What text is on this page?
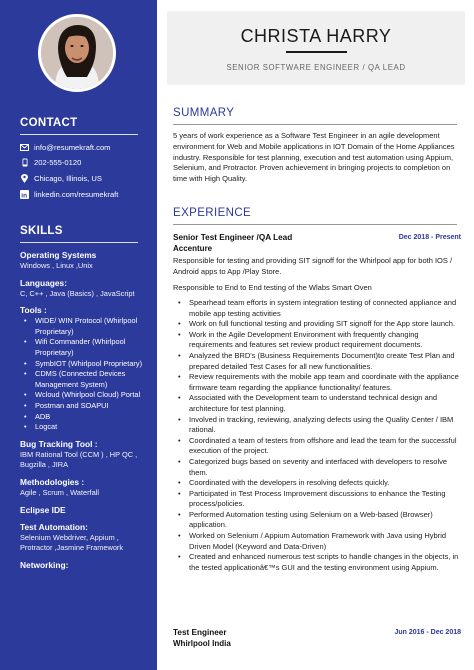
CONTACT
info@resumekraft.com
202-555-0120
Chicago, Illinois, US
in linkedin.com/resumekraft
SKILLS
Operating Systems
Windows , Linux ,Unix
Languages:
C, C++ , Java (Basics) , JavaScript
Tools :
• WIDE/ WIN Protocol (Whirlpool Proprietary)
• Wifi Commander (Whirlpool Proprietary)
• SymbIOT (Whirlpool Proprietary)
• CDMS (Connected Devices Management System)
• Wcloud (Whirlpool Cloud) Portal
• Postman and SOAPUI
• ADB
• Logcat
Bug Tracking Tool :
IBM Rational Tool (CCM ) , HP QC , Bugzilla , JIRA
Methodologies :
Agile , Scrum , Waterfall
Eclipse IDE
Test Automation:
Selenium Webdriver, Appium , Protractor ,Jasmine Framework
Networking:
CHRISTA HARRY
SENIOR SOFTWARE ENGINEER / QA LEAD
SUMMARY
5 years of work experience as a Software Test Engineer in an agile development environment for Web and Mobile applications in IOT Domain of the Home Appliances industry. Responsible for test planning, execution and test automation using Appium, Selenium, and Protractor. Proven achievement in bringing projects to completion on time with High Quality.
EXPERIENCE
Senior Test Engineer /QA Lead	Dec 2018 - Present
Accenture
Responsible for testing and providing SIT signoff for the Whirlpool app for both IOS / Android apps to App /Play Store.
Responsible to End to End testing of the Wlabs Smart Oven
• Spearhead team efforts in system integration testing of connected appliance and mobile app testing activities
• Work on full functional testing and providing SIT signoff for the App store launch.
• Work in the Agile Development Environment with frequently changing requirements and features set review product requirement documents.
• Analyzed the BRD's (Business Requirements Document)to create Test Plan and prepared detailed Test Cases for all new functionalities.
• Review requirements with the mobile app team and coordinate with the appliance firmware team regarding the appliance functionality/ features.
• Associated with the Development team to understand technical design and architecture for test planning.
• Involved in tracking, reviewing, analyzing defects using the Quality Center / IBM rational.
• Coordinated a team of testers from offshore and lead the team for the successful execution of the project.
• Categorized bugs based on severity and interfaced with developers to resolve them.
• Coordinated with the developers in resolving defects quickly.
• Participated in Test Process Improvement discussions to enhance the Testing process/policies.
• Performed Automation testing using Selenium on a Web-based (Browser) application.
• Worked on Selenium / Appium Automation Framework with Java using Hybrid Driven Model (Keyword and Data-Driven)
• Created and enhanced numerous test scripts to handle changes in the objects, in the tested applicationâ€™s GUI and the testing environment using Appium.
Test Engineer	Jun 2016 - Dec 2018
Whirlpool India
